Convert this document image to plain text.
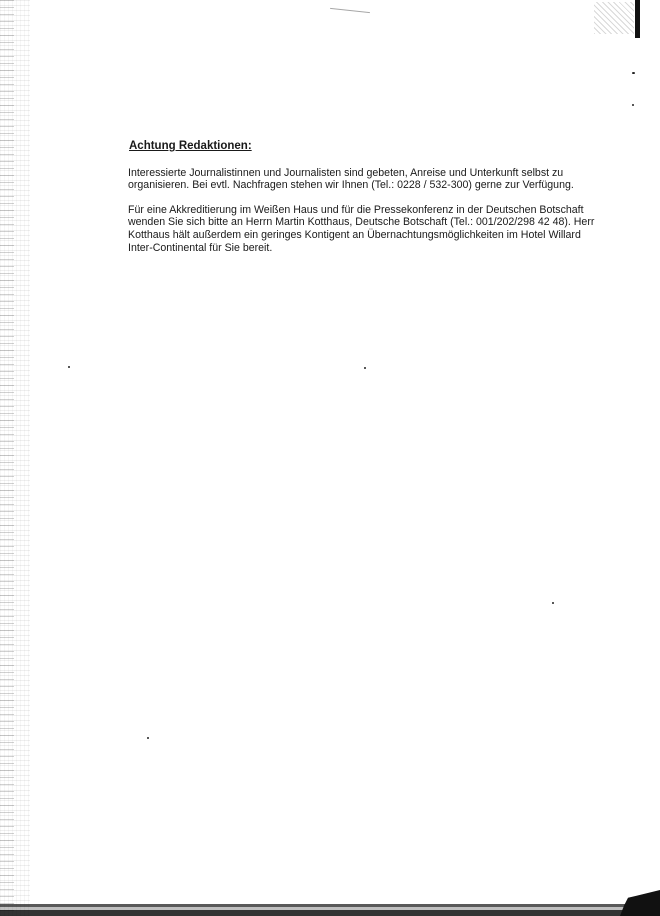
Achtung Redaktionen:

Interessierte Journalistinnen und Journalisten sind gebeten, Anreise und Unterkunft selbst zu organisieren. Bei evtl. Nachfragen stehen wir Ihnen (Tel.: 0228 / 532-300) gerne zur Verfügung.

Für eine Akkreditierung im Weißen Haus und für die Pressekonferenz in der Deutschen Botschaft wenden Sie sich bitte an Herrn Martin Kotthaus, Deutsche Botschaft (Tel.: 001/202/298 42 48). Herr Kotthaus hält außerdem ein geringes Kontigent an Übernachtungsmöglichkeiten im Hotel Willard Inter-Continental für Sie bereit.
